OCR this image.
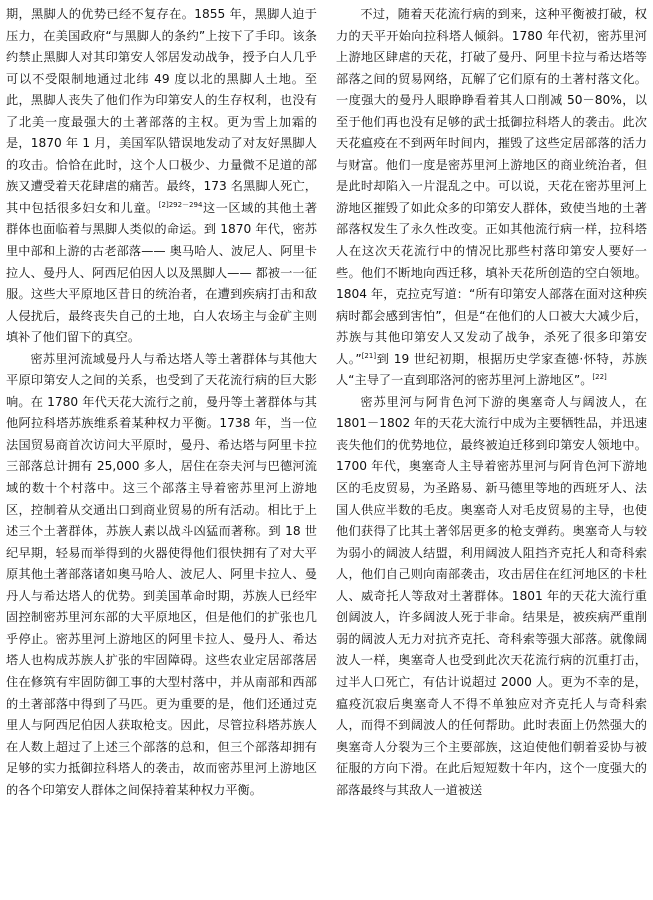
期，黑脚人的优势已经不复存在。1855 年，黑脚人迫于压力，在美国政府“与黑脚人的条约”上按下了手印。该条约禁止黑脚人对其印第安人邻居发动战争，授予白人几乎可以不受限制地通过北纬 49 度以北的黑脚人土地。至此，黑脚人丧失了他们作为印第安人的生存权利，也没有了北美一度最强大的土著部落的主权。更为雪上加霜的是，1870 年 1 月，美国军队错误地发动了对友好黑脚人的攻击。恰恰在此时，这个人口极少、力量微不足道的部族又遭受着天花肆虐的痛苦。最终，173 名黑脚人死亡，其中包括很多妇女和儿童。$^{[2]292-294}$这一区域的其他土著群体也面临着与黑脚人类似的命运。到 1870 年代，密苏里中部和上游的古老部落—— 奥马哈人、波尼人、阿里卡拉人、曼丹人、阿西尼伯因人以及黑脚人—— 都被一一征服。这些大平原地区昔日的统治者，在遭到疾病打击和敌人侵扰后，最终丧失自己的土地，白人农场主与金矿主则填补了他们留下的真空。

密苏里河流域曼丹人与希达塔人等土著群体与其他大平原印第安人之间的关系，也受到了天花流行病的巨大影响。在 1780 年代天花大流行之前，曼丹等土著群体与其他阿拉科塔苏族维系着某种权力平衡。1738 年，当一位法国贸易商首次访问大平原时，曼丹、希达塔与阿里卡拉三部落总计拥有 25,000 多人，居住在奈夫河与巴德河流域的数十个村落中。这三个部落主导着密苏里河上游地区，控制着从交通出口到商业贸易的所有活动。相比于上述三个土著群体，苏族人素以战斗凶猛而著称。到 18 世纪早期，轻易而举得到的火器使得他们很快拥有了对大平原其他土著部落诸如奥马哈人、波尼人、阿里卡拉人、曼丹人与希达塔人的优势。到美国革命时期，苏族人已经牢固控制密苏里河东部的大平原地区，但是他们的扩张也几乎停止。密苏里河上游地区的阿里卡拉人、曼丹人、希达塔人也构成苏族人扩张的牢固障碍。这些农业定居部落居住在修筑有牢固防御工事的大型村落中，并从南部和西部的土著部落中得到了马匹。更为重要的是，他们还通过克里人与阿西尼伯因人获取枪支。因此，尽管拉科塔苏族人在人数上超过了上述三个部落的总和，但三个部落却拥有足够的实力抵御拉科塔人的袭击，故而密苏里河上游地区的各个印第安人群体之间保持着某种权力平衡。

不过，随着天花流行病的到来，这种平衡被打破，权力的天平开始向拉科塔人倾斜。1780 年代初，密苏里河上游地区肆虐的天花，打破了曼丹、阿里卡拉与希达塔等部落之间的贸易网络，瓦解了它们原有的土著村落文化。一度强大的曼丹人眼睁睁看着其人口削减 50－80%，以至于他们再也没有足够的武士抵御拉科塔人的袭击。此次天花瘟疫在不到两年时间内，摧毁了这些定居部落的活力与财富。他们一度是密苏里河上游地区的商业统治者，但是此时却陷入一片混乱之中。可以说，天花在密苏里河上游地区摧毁了如此众多的印第安人群体，致使当地的土著部落权发生了永久性改变。正如其他流行病一样，拉科塔人在这次天花流行中的情况比那些村落印第安人要好一些。他们不断地向西迁移，填补天花所创造的空白领地。1804 年，克拉克写道：“所有印第安人部落在面对这种疾病时都会感到害怕”，但是“在他们的人口被大大减少后，苏族与其他印第安人又发动了战争，杀死了很多印第安人。”[21]到 19 世纪初期，根据历史学家查德·怀特，苏族人“主导了一直到耶洛河的密苏里河上游地区”。[22]

密苏里河与阿肯色河下游的奥塞奇人与阔波人，在 1801－1802 年的天花大流行中成为主要牺牲品，并迅速丧失他们的优势地位，最终被迫迁移到印第安人领地中。1700 年代，奥塞奇人主导着密苏里河与阿肯色河下游地区的毛皮贸易，为圣路易、新马德里等地的西班牙人、法国人供应半数的毛皮。奥塞奇人对毛皮贸易的主导，也使他们获得了比其土著邻居更多的枪支弹药。奥塞奇人与较为弱小的阔波人结盟，利用阔波人阻挡齐克托人和奇科索人，他们自己则向南部袭击，攻击居住在红河地区的卡杜人、威奇托人等敌对土著群体。1801 年的天花大流行重创阔波人，许多阔波人死于非命。结果是，被疾病严重削弱的阔波人无力对抗齐克托、奇科索等强大部落。就像阔波人一样，奥塞奇人也受到此次天花流行病的沉重打击，过半人口死亡，有估计说超过 2000 人。更为不幸的是，瘟疫沉寂后奥塞奇人不得不单独应对齐克托人与奇科索人，而得不到阔波人的任何帮助。此时表面上仍然强大的奥塞奇人分裂为三个主要部族，这迫使他们朝着妥协与被征服的方向下滑。在此后短短数十年内，这个一度强大的部落最终与其敌人一道被送
